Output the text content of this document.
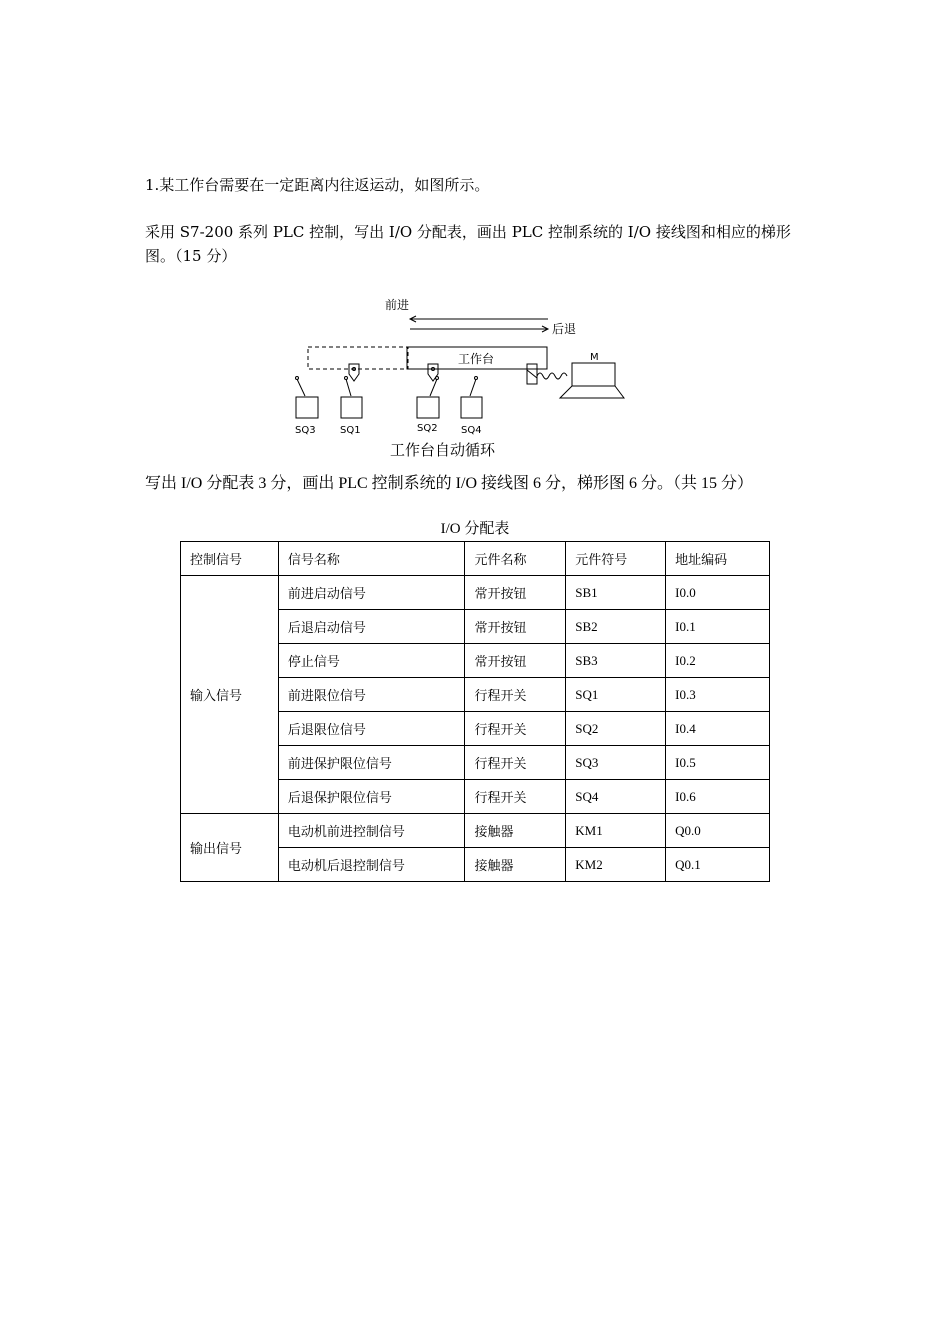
1.某工作台需要在一定距离内往返运动，如图所示。
采用 S7-200 系列 PLC 控制，写出 I/O 分配表，画出 PLC 控制系统的 I/O 接线图和相应的梯形
图。（15 分）
前进
后退
工作台	M
SQ3 SQ1	SQ2 SQ4
工作台自动循环
写出 I/O 分配表 3 分，画出 PLC 控制系统的 I/O 接线图 6 分，梯形图 6 分。（共 15 分）
I/O 分配表
控制信号	信号名称	元件名称	元件符号	地址编码
输入信号	前进启动信号	常开按钮	SB1	I0.0
	后退启动信号	常开按钮	SB2	I0.1
	停止信号	常开按钮	SB3	I0.2
	前进限位信号	行程开关	SQ1	I0.3
	后退限位信号	行程开关	SQ2	I0.4
	前进保护限位信号	行程开关	SQ3	I0.5
	后退保护限位信号	行程开关	SQ4	I0.6
输出信号	电动机前进控制信号	接触器	KM1	Q0.0
	电动机后退控制信号	接触器	KM2	Q0.1
